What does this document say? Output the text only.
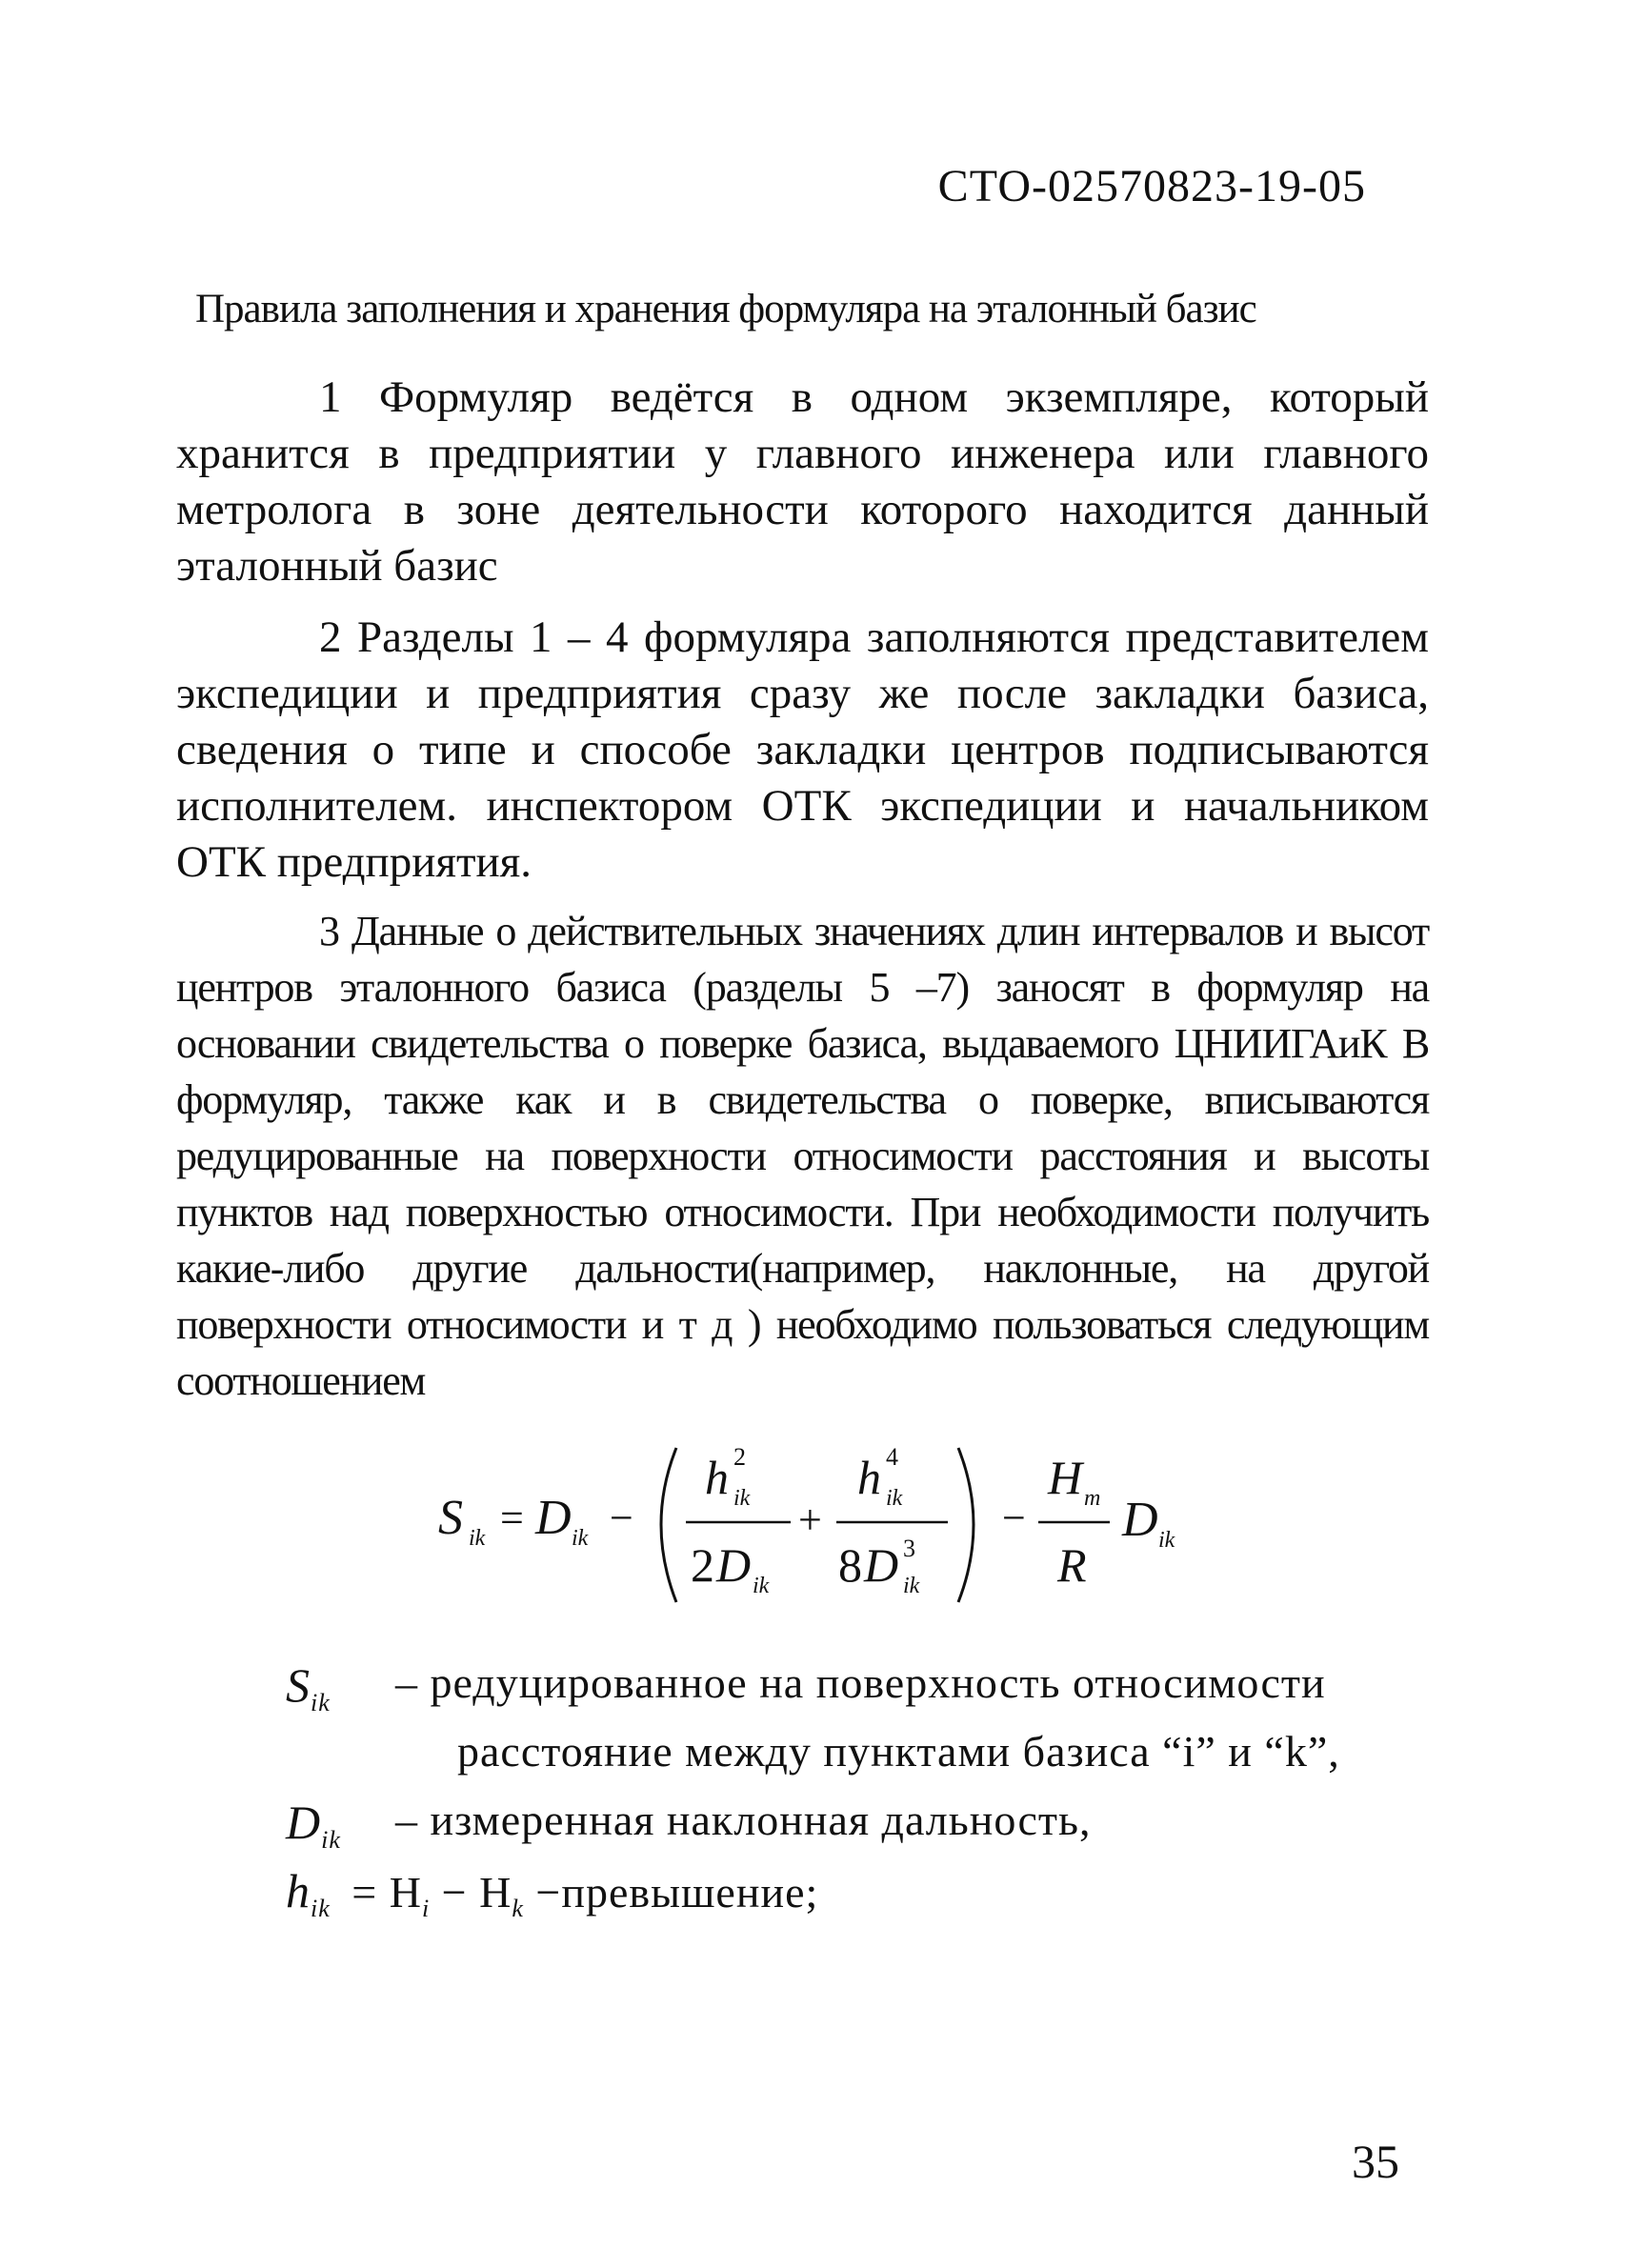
СТО-02570823-19-05
Правила заполнения и хранения формуляра на эталонный базис

1 Формуляр ведётся в одном экземпляре, который хранится в предприятии у главного инженера или главного метролога в зоне деятельности которого находится данный эталонный базис

2 Разделы 1 – 4 формуляра заполняются представителем экспедиции и предприятия сразу же после закладки базиса, сведения о типе и способе закладки центров подписываются исполнителем. инспектором ОТК экспедиции и начальником ОТК предприятия.

3 Данные о действительных значениях длин интервалов и высот центров эталонного базиса (разделы 5 –7) заносят в формуляр на основании свидетельства о поверке базиса, выдаваемого ЦНИИГАиК В формуляр, также как и в свидетельства о поверке, вписываются редуцированные на поверхности относимости расстояния и высоты пунктов над поверхностью относимости. При необходимости получить какие-либо другие дальности(например, наклонные, на другой поверхности относимости и т д ) необходимо пользоваться следующим соотношением

S ik = D ik −
h 2
ik
2 D ik
+
h 4
ik
8 D 3
ik
−
H m
R
D ik
$S_{ik}$ – редуцированное на поверхность относимости
расстояние между пунктами базиса “i” и “k”,
$D_{ik}$ – измеренная наклонная дальность,
$h_{ik} = H_i - H_k$ −превышение;
35
